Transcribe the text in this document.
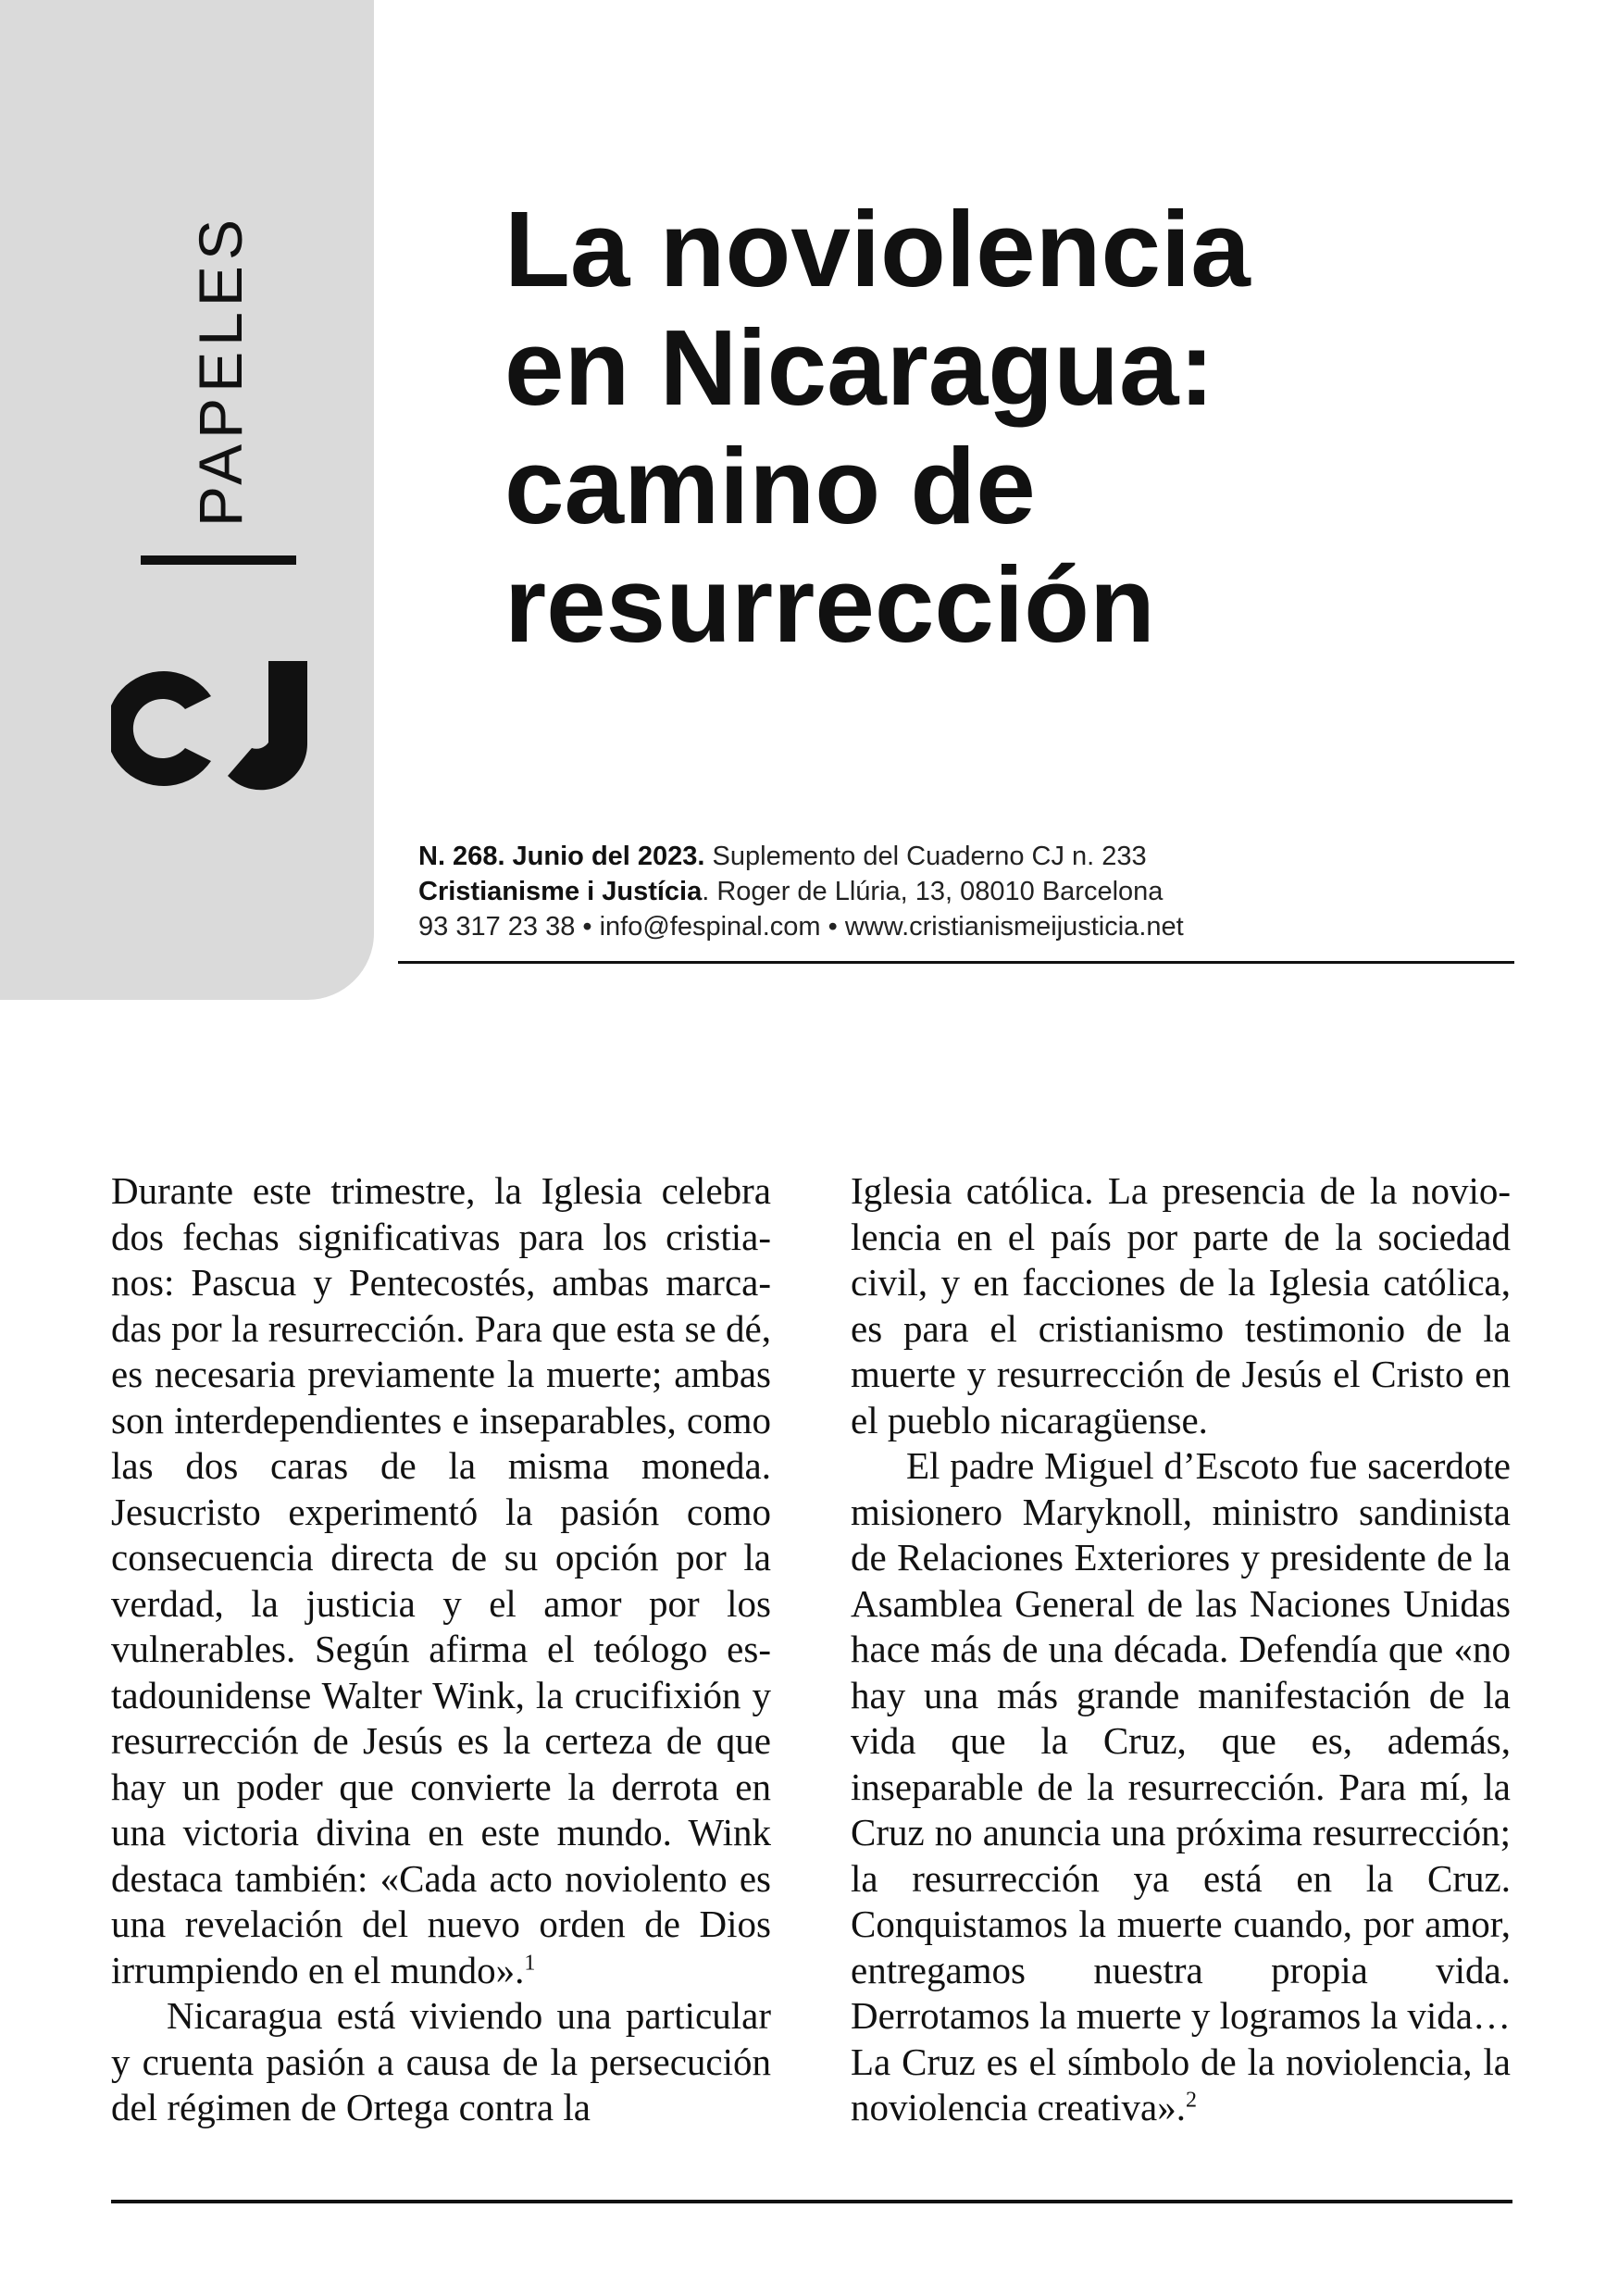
PAPELES La noviolencia
en Nicaragua:
camino de
resurrección
N. 268. Junio del 2023. Suplemento del Cuaderno CJ n. 233
Cristianisme i Justícia. Roger de Llúria, 13, 08010 Barcelona
93 317 23 38 • info@fespinal.com • www.cristianismeijusticia.net

Durante este trimestre, la Iglesia celebra dos fechas significativas para los cristianos: Pascua y Pentecostés, ambas marcadas por la resurrección. Para que esta se dé, es necesaria previamente la muerte; ambas son interdependientes e inseparables, como las dos caras de la misma moneda. Jesucristo experimentó la pasión como consecuencia directa de su opción por la verdad, la justicia y el amor por los vulnerables. Según afirma el teólogo estadounidense Walter Wink, la crucifixión y resurrección de Jesús es la certeza de que hay un poder que convierte la derrota en una victoria divina en este mundo. Wink destaca también: «Cada acto noviolento es una revelación del nuevo orden de Dios irrumpiendo en el mundo».$^1$

Nicaragua está viviendo una particular y cruenta pasión a causa de la persecución del régimen de Ortega contra la

Iglesia católica. La presencia de la noviolencia en el país por parte de la sociedad civil, y en facciones de la Iglesia católica, es para el cristianismo testimonio de la muerte y resurrección de Jesús el Cristo en el pueblo nicaragüense.

El padre Miguel d’Escoto fue sacerdote misionero Maryknoll, ministro sandinista de Relaciones Exteriores y presidente de la Asamblea General de las Naciones Unidas hace más de una década. Defendía que «no hay una más grande manifestación de la vida que la Cruz, que es, además, inseparable de la resurrección. Para mí, la Cruz no anuncia una próxima resurrección; la resurrección ya está en la Cruz. Conquistamos la muerte cuando, por amor, entregamos nuestra propia vida. Derrotamos la muerte y logramos la vida… La Cruz es el símbolo de la noviolencia, la noviolencia creativa».$^2$
